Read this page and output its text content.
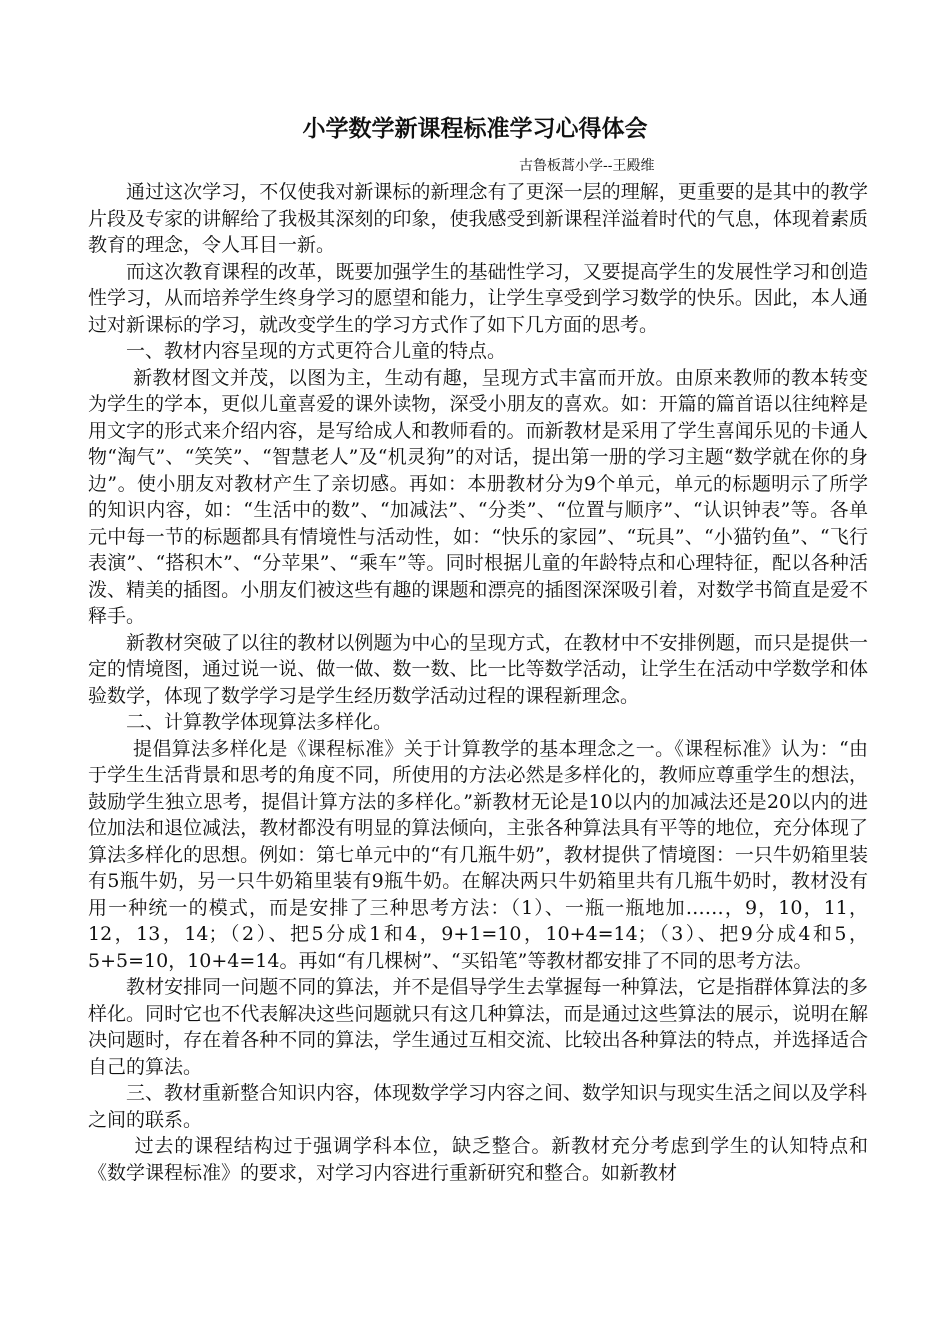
小学数学新课程标准学习心得体会
古鲁板蒿小学--王殿维

　　通过这次学习，不仅使我对新课标的新理念有了更深一层的理解，更重要的是其中的教学片段及专家的讲解给了我极其深刻的印象，使我感受到新课程洋溢着时代的气息，体现着素质教育的理念，令人耳目一新。

　　而这次教育课程的改革，既要加强学生的基础性学习，又要提高学生的发展性学习和创造性学习，从而培养学生终身学习的愿望和能力，让学生享受到学习数学的快乐。因此，本人通过对新课标的学习，就改变学生的学习方式作了如下几方面的思考。

　　一、教材内容呈现的方式更符合儿童的特点。

　　 新教材图文并茂，以图为主，生动有趣，呈现方式丰富而开放。由原来教师的教本转变为学生的学本，更似儿童喜爱的课外读物，深受小朋友的喜欢。如：开篇的篇首语以往纯粹是用文字的形式来介绍内容，是写给成人和教师看的。而新教材是采用了学生喜闻乐见的卡通人物“淘气”、“笑笑”、“智慧老人”及“机灵狗”的对话，提出第一册的学习主题“数学就在你的身边”。使小朋友对教材产生了亲切感。再如：本册教材分为9个单元，单元的标题明示了所学的知识内容，如：“生活中的数”、“加减法”、“分类”、“位置与顺序”、“认识钟表”等。各单元中每一节的标题都具有情境性与活动性，如：“快乐的家园”、“玩具”、“小猫钓鱼”、“飞行表演”、“搭积木”、“分苹果”、“乘车”等。同时根据儿童的年龄特点和心理特征，配以各种活泼、精美的插图。小朋友们被这些有趣的课题和漂亮的插图深深吸引着，对数学书简直是爱不释手。

　　新教材突破了以往的教材以例题为中心的呈现方式，在教材中不安排例题，而只是提供一定的情境图，通过说一说、做一做、数一数、比一比等数学活动，让学生在活动中学数学和体验数学，体现了数学学习是学生经历数学活动过程的课程新理念。

　　二、计算教学体现算法多样化。

　　 提倡算法多样化是《课程标准》关于计算教学的基本理念之一。《课程标准》认为：“由于学生生活背景和思考的角度不同，所使用的方法必然是多样化的，教师应尊重学生的想法，鼓励学生独立思考，提倡计算方法的多样化。”新教材无论是10以内的加减法还是20以内的进位加法和退位减法，教材都没有明显的算法倾向，主张各种算法具有平等的地位，充分体现了算法多样化的思想。例如：第七单元中的“有几瓶牛奶”，教材提供了情境图：一只牛奶箱里装有5瓶牛奶，另一只牛奶箱里装有9瓶牛奶。在解决两只牛奶箱里共有几瓶牛奶时，教材没有用一种统一的模式，而是安排了三种思考方法：（1）、一瓶一瓶地加……，9，10，11，12，13，14；（2）、把5分成1和4，9+1=10，10+4=14；（3）、把9分成4和5，5+5=10，10+4=14。再如“有几棵树”、“买铅笔”等教材都安排了不同的思考方法。

　　教材安排同一问题不同的算法，并不是倡导学生去掌握每一种算法，它是指群体算法的多样化。同时它也不代表解决这些问题就只有这几种算法，而是通过这些算法的展示，说明在解决问题时，存在着各种不同的算法，学生通过互相交流、比较出各种算法的特点，并选择适合自己的算法。

　　三、教材重新整合知识内容，体现数学学习内容之间、数学知识与现实生活之间以及学科之间的联系。

　　 过去的课程结构过于强调学科本位，缺乏整合。新教材充分考虑到学生的认知特点和《数学课程标准》的要求，对学习内容进行重新研究和整合。如新教材
